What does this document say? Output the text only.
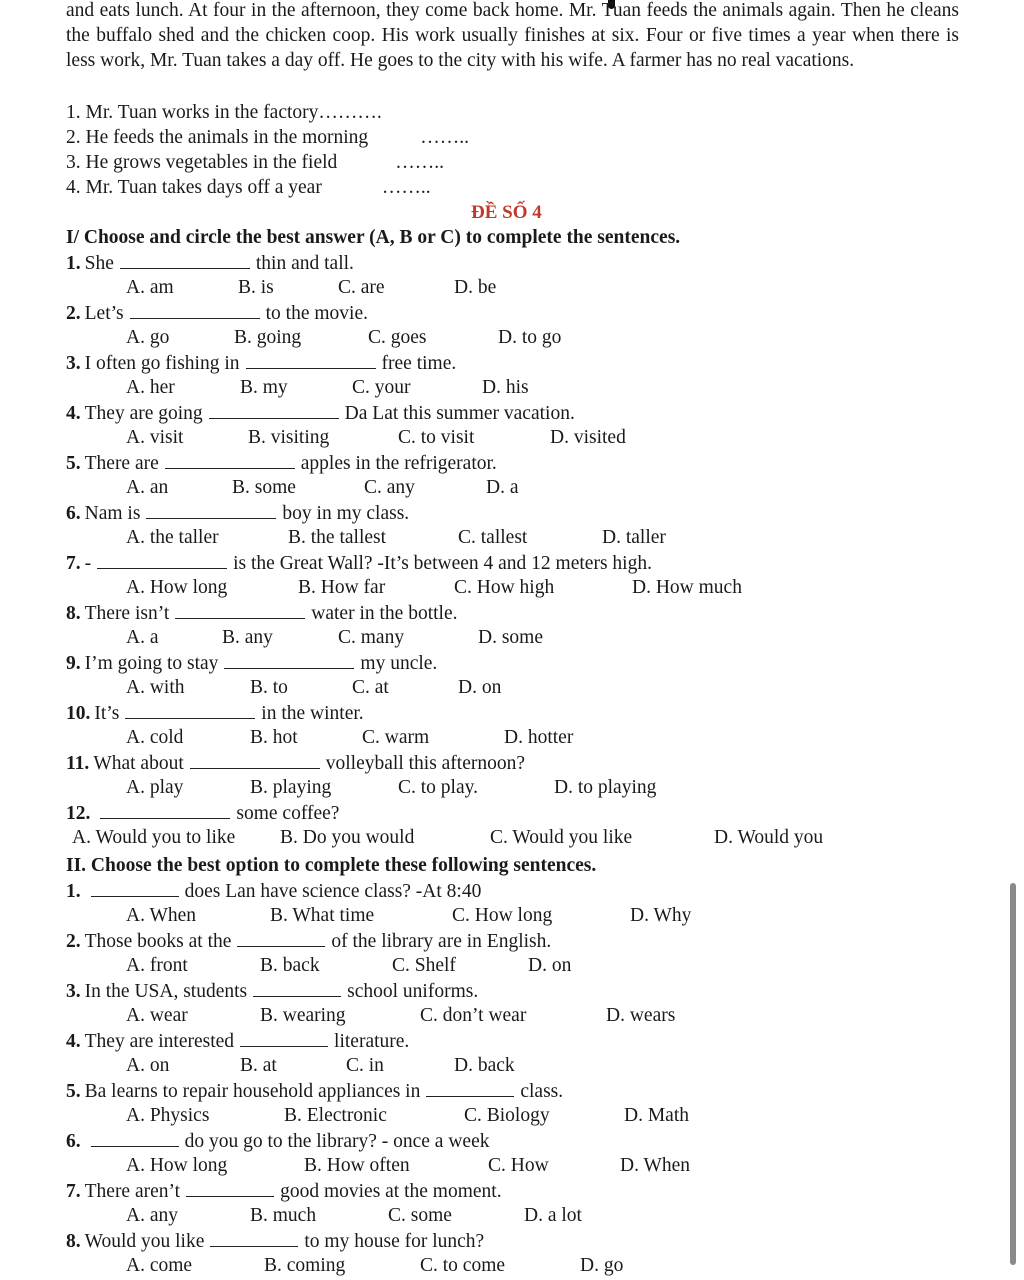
and eats lunch. At four in the afternoon, they come back home. Mr. Tuan feeds the animals again. Then he cleans the buffalo shed and the chicken coop. His work usually finishes at six. Four or five times a year when there is less work, Mr. Tuan takes a day off. He goes to the city with his wife. A farmer has no real vacations.
1. Mr. Tuan works in the factory……….
2. He feeds the animals in the morning	……..
3. He grows vegetables in the field	……..
4. Mr. Tuan takes days off a year	……..
ĐỀ SỐ 4
I/ Choose and circle the best answer (A, B or C) to complete the sentences.
1. She	thin and tall.
A. am	B. is	C. are	D. be
2. Let’s	to the movie.
A. go	B. going	C. goes	D. to go
3. I often go fishing in	free time.
A. her	B. my	C. your	D. his
4. They are going	Da Lat this summer vacation.
A. visit	B. visiting	C. to visit	D. visited
5. There are	apples in the refrigerator.
A. an	B. some	C. any	D. a
6. Nam is	boy in my class.
A. the taller	B. the tallest	C. tallest	D. taller
7. -	is the Great Wall? -It’s between 4 and 12 meters high.
A. How long	B. How far	C. How high	D. How much
8. There isn’t	water in the bottle.
A. a	B. any	C. many	D. some
9. I’m going to stay	my uncle.
A. with	B. to	C. at	D. on
10. It’s	in the winter.
A. cold	B. hot	C. warm	D. hotter
11. What about	volleyball this afternoon?
A. play	B. playing	C. to play.	D. to playing
12.	some coffee?
A. Would you to like B. Do you would	C. Would you like	D. Would you
II. Choose the best option to complete these following sentences.
1.	does Lan have science class? -At 8:40
A. When	B. What time	C. How long	D. Why
2. Those books at the	of the library are in English.
A. front	B. back	C. Shelf	D. on
3. In the USA, students	school uniforms.
A. wear	B. wearing	C. don’t wear	D. wears
4. They are interested	literature.
A. on	B. at	C. in	D. back
5. Ba learns to repair household appliances in	class.
A. Physics	B. Electronic	C. Biology	D. Math
6.	do you go to the library? - once a week
A. How long	B. How often	C. How	D. When
7. There aren’t	good movies at the moment.
A. any	B. much	C. some	D. a lot
8. Would you like	to my house for lunch?
A. come	B. coming	C. to come	D. go
